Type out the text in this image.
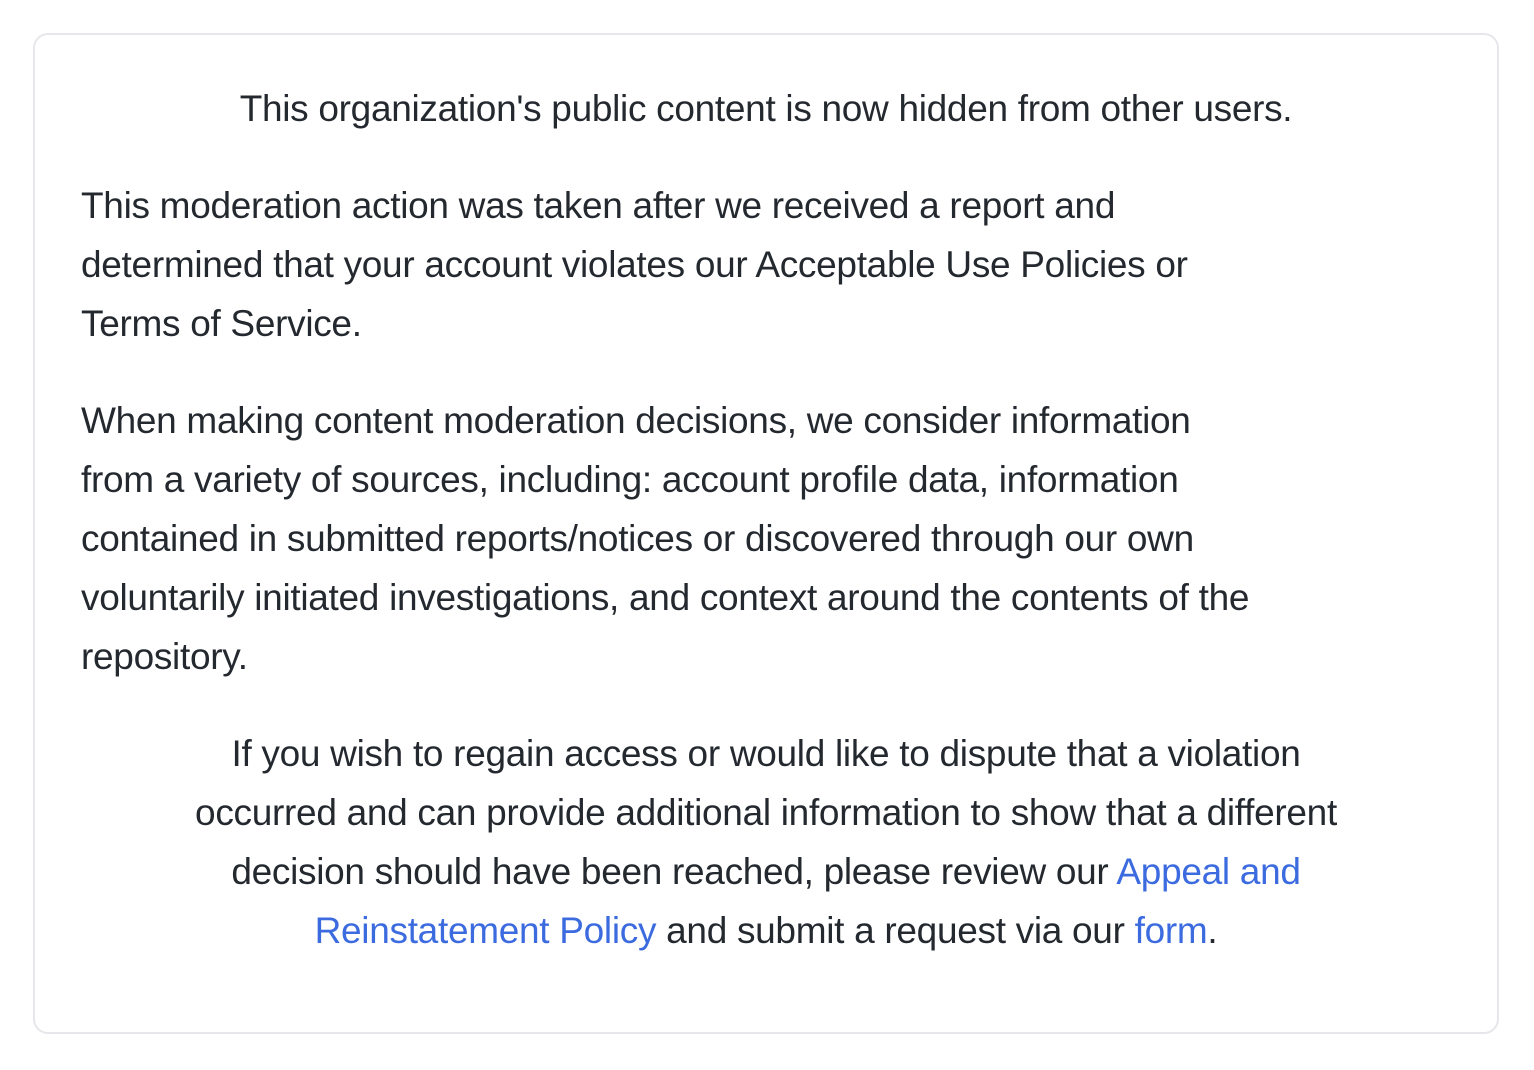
This organization's public content is now hidden from other users.

This moderation action was taken after we received a report and
determined that your account violates our Acceptable Use Policies or
Terms of Service.

When making content moderation decisions, we consider information
from a variety of sources, including: account profile data, information
contained in submitted reports/notices or discovered through our own
voluntarily initiated investigations, and context around the contents of the
repository.

If you wish to regain access or would like to dispute that a violation
occurred and can provide additional information to show that a different
decision should have been reached, please review our Appeal and
Reinstatement Policy and submit a request via our form.
